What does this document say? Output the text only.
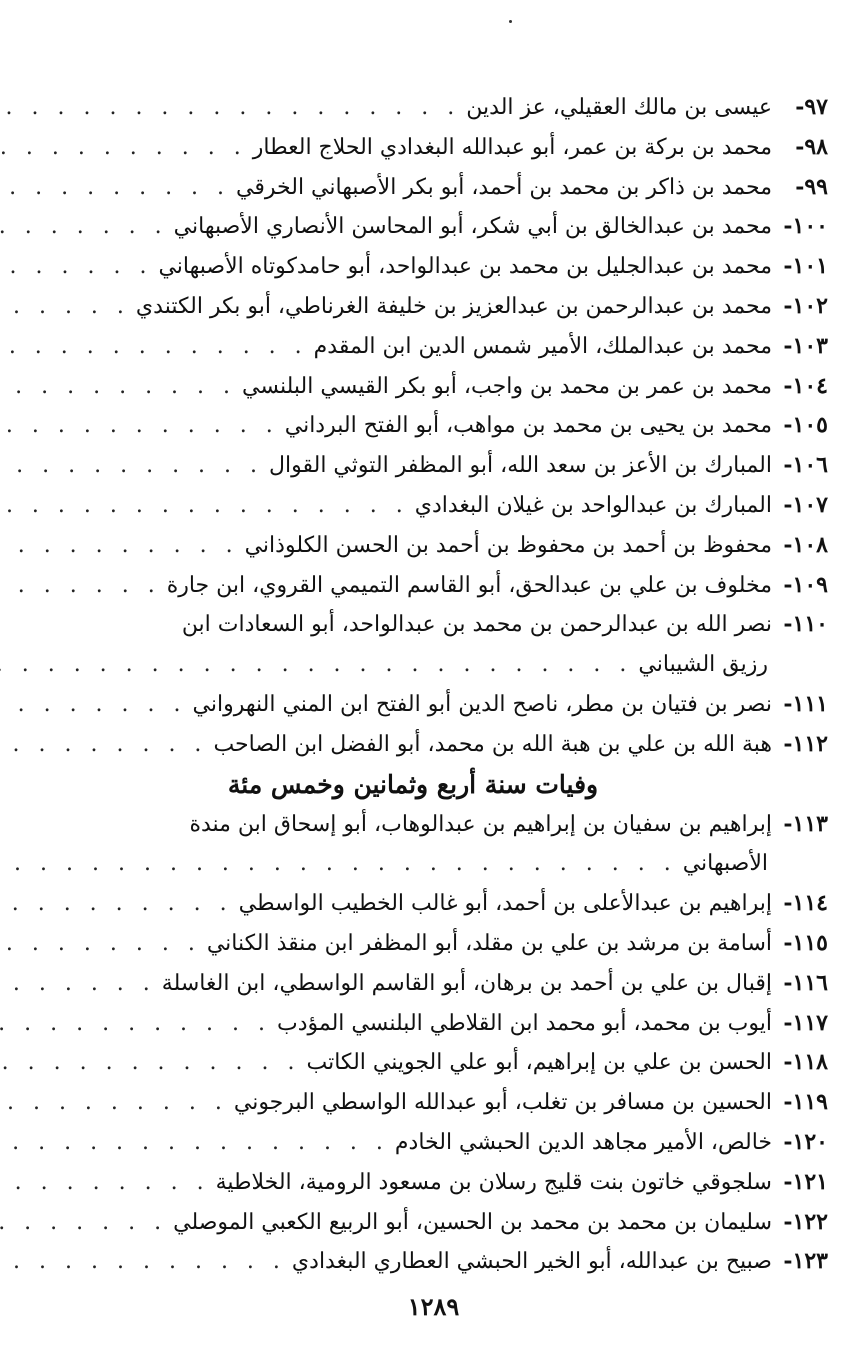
٩٧-
عيسى بن مالك العقيلي، عز الدين
. . .
٩٨-
محمد بن بركة بن عمر، أبو عبدالله البغدادي الحلاج العطار
. . .
٩٩-
محمد بن ذاكر بن محمد بن أحمد، أبو بكر الأصبهاني الخرقي
. . .
١٠٠-
محمد بن عبدالخالق بن أبي شكر، أبو المحاسن الأنصاري الأصبهاني
. . .
١٠١-
محمد بن عبدالجليل بن محمد بن عبدالواحد، أبو حامدكوتاه الأصبهاني
. . .
١٠٢-
محمد بن عبدالرحمن بن عبدالعزيز بن خليفة الغرناطي، أبو بكر الكتندي
. . .
١٠٣-
محمد بن عبدالملك، الأمير شمس الدين ابن المقدم
. . .
١٠٤-
محمد بن عمر بن محمد بن واجب، أبو بكر القيسي البلنسي
. . .
١٠٥-
محمد بن يحيى بن محمد بن مواهب، أبو الفتح البرداني
. . .
١٠٦-
المبارك بن الأعز بن سعد الله، أبو المظفر التوثي القوال
. . .
١٠٧-
المبارك بن عبدالواحد بن غيلان البغدادي
. . .
١٠٨-
محفوظ بن أحمد بن محفوظ بن أحمد بن الحسن الكلوذاني
. . .
١٠٩-
مخلوف بن علي بن عبدالحق، أبو القاسم التميمي القروي، ابن جارة
. . .
١١٠-
نصر الله بن عبدالرحمن بن محمد بن عبدالواحد، أبو السعادات ابن
رزيق الشيباني
. . .
١١١-
نصر بن فتيان بن مطر، ناصح الدين أبو الفتح ابن المني النهرواني
. . .
١١٢-
هبة الله بن علي بن هبة الله بن محمد، أبو الفضل ابن الصاحب
. . .
وفيات سنة أربع وثمانين وخمس مئة
١١٣-
إبراهيم بن سفيان بن إبراهيم بن عبدالوهاب، أبو إسحاق ابن مندة
الأصبهاني
. . .
١١٤-
إبراهيم بن عبدالأعلى بن أحمد، أبو غالب الخطيب الواسطي
. . .
١١٥-
أسامة بن مرشد بن علي بن مقلد، أبو المظفر ابن منقذ الكناني
. . .
١١٦-
إقبال بن علي بن أحمد بن برهان، أبو القاسم الواسطي، ابن الغاسلة
. . .
١١٧-
أيوب بن محمد، أبو محمد ابن القلاطي البلنسي المؤدب
. . .
١١٨-
الحسن بن علي بن إبراهيم، أبو علي الجويني الكاتب
. . .
١١٩-
الحسين بن مسافر بن تغلب، أبو عبدالله الواسطي البرجوني
. . .
١٢٠-
خالص، الأمير مجاهد الدين الحبشي الخادم
. . .
١٢١-
سلجوقي خاتون بنت قليج رسلان بن مسعود الرومية، الخلاطية
. . .
١٢٢-
سليمان بن محمد بن محمد بن الحسين، أبو الربيع الكعبي الموصلي
. . .
١٢٣-
صبيح بن عبدالله، أبو الخير الحبشي العطاري البغدادي
. . .
١٢٨٩
